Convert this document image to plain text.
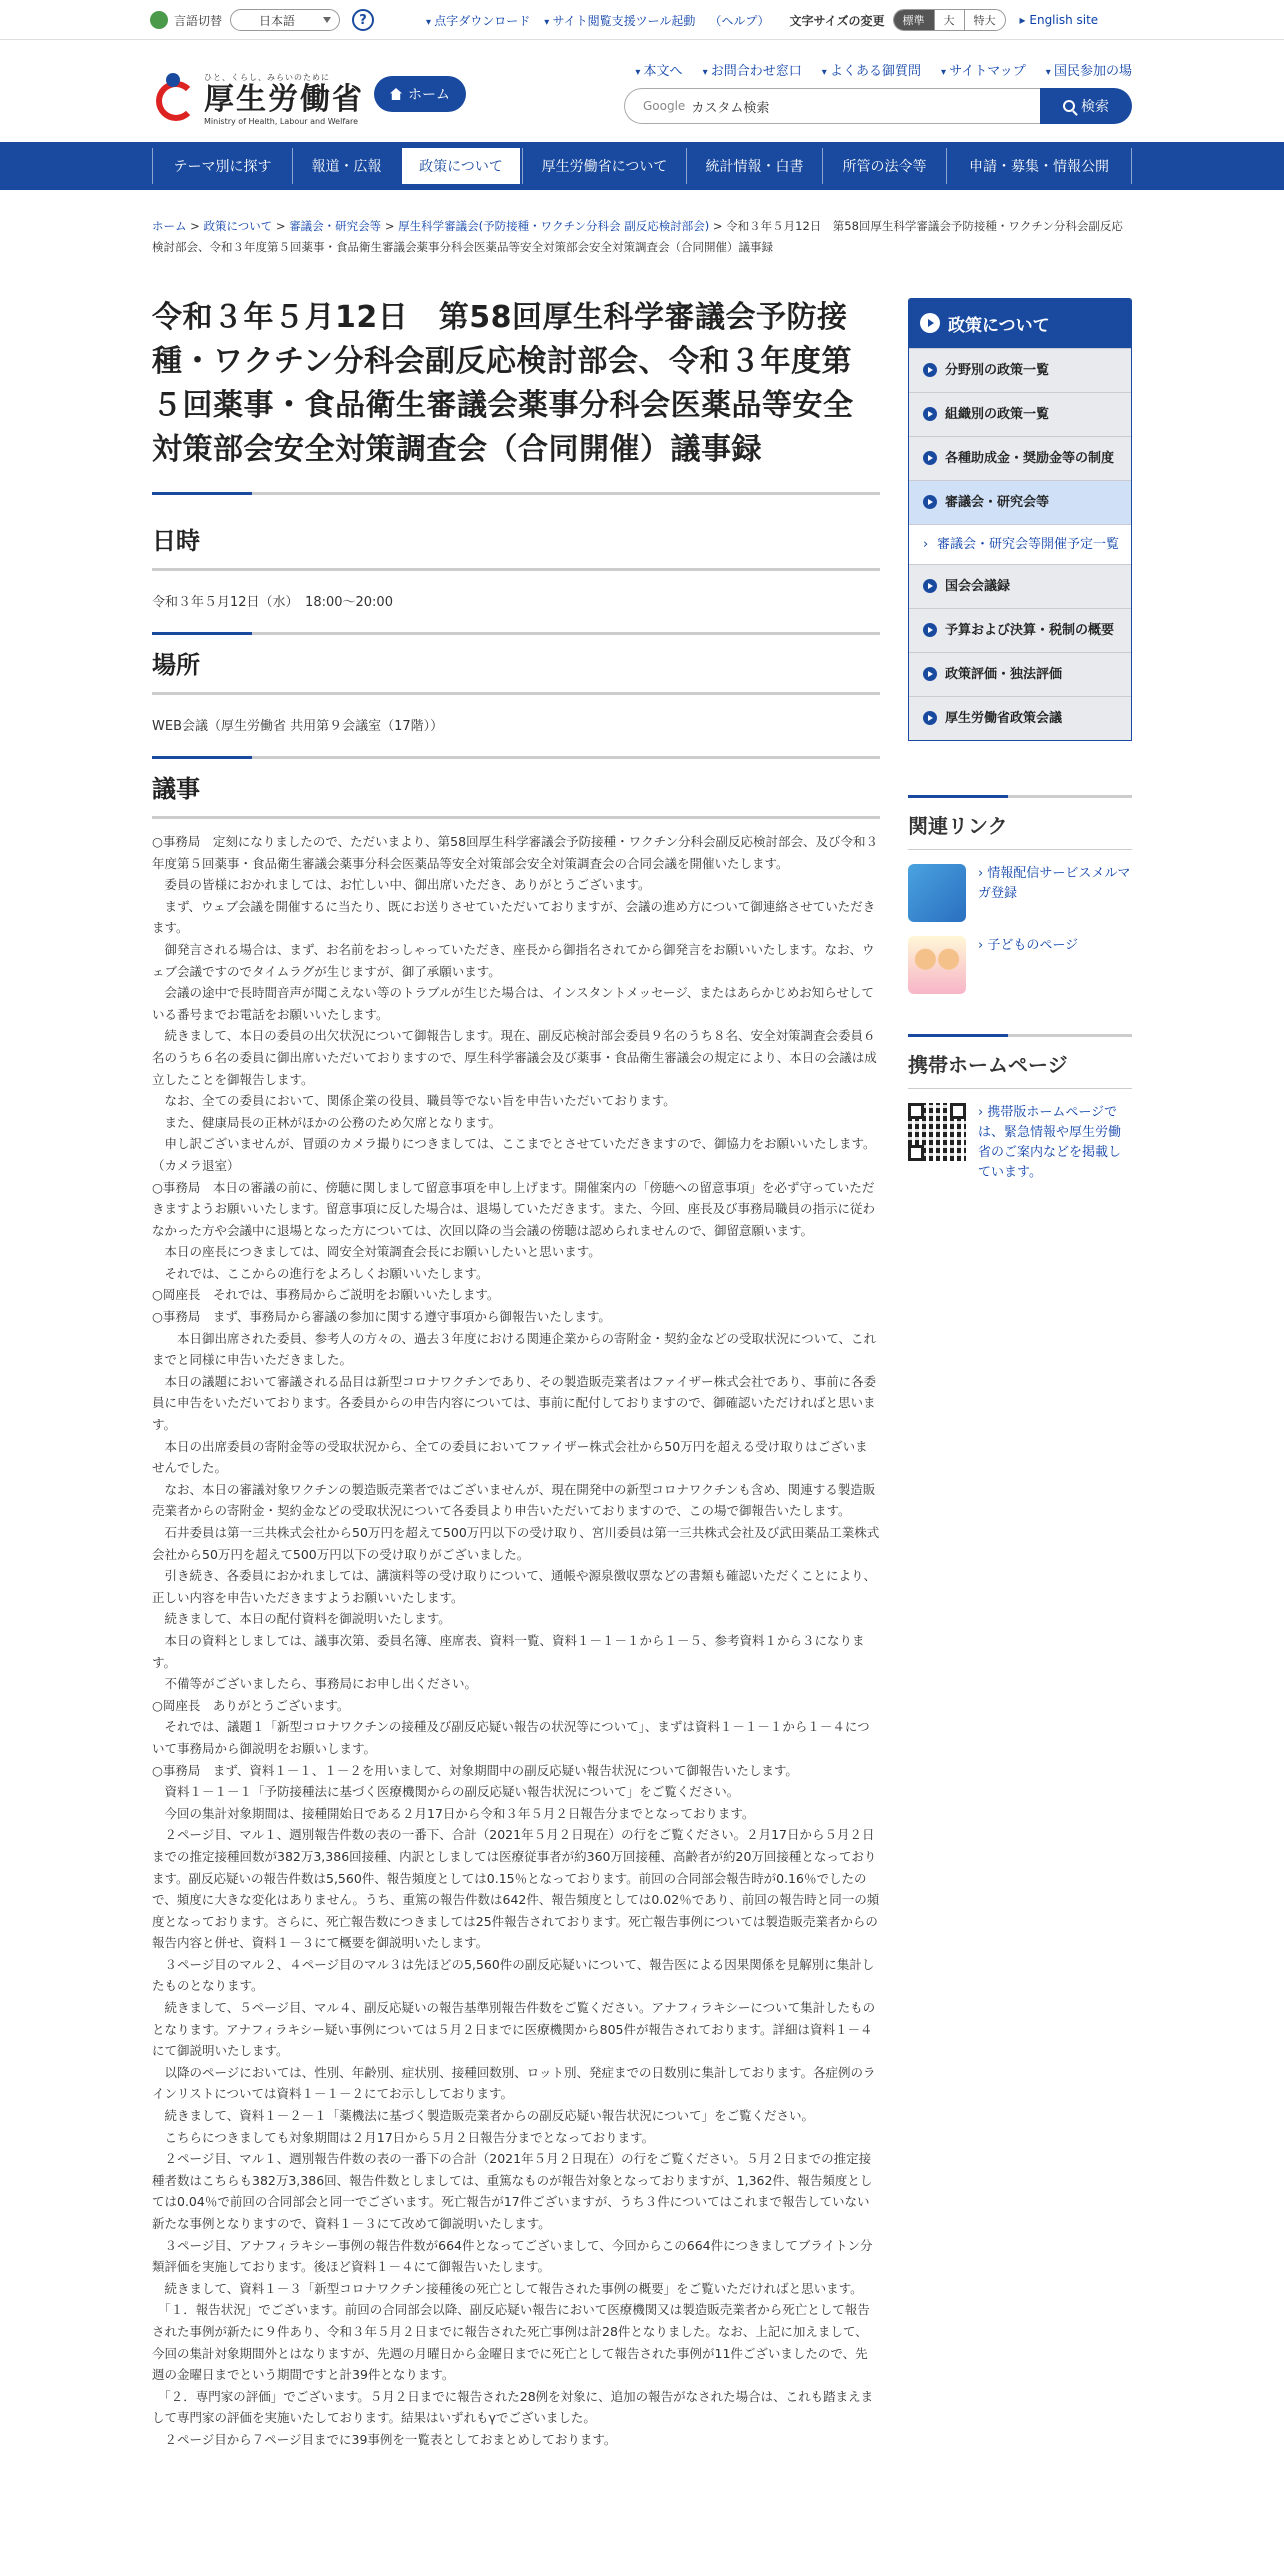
言語切替	日本語	?	▾ 点字ダウンロード	▾ サイト閲覧支援ツール起動 （ヘルプ） 文字サイズの変更	標準	大	特大	▸ English site
ひと、くらし、みらいのために
厚生労働省
Ministry of Health, Labour and Welfare
ホーム
▾ 本文へ	▾ お問合わせ窓口	▾ よくある御質問	▾ サイトマップ	▾ 国民参加の場
Google カスタム検索	検索
テーマ別に探す	報道・広報	政策について	厚生労働省について	統計情報・白書	所管の法令等	申請・募集・情報公開
ホーム > 政策について > 審議会・研究会等 > 厚生科学審議会(予防接種・ワクチン分科会 副反応検討部会) > 令和３年５月12日　第58回厚生科学審議会予防接種・ワクチン分科会副反応検討部会、令和３年度第５回薬事・食品衛生審議会薬事分科会医薬品等安全対策部会安全対策調査会（合同開催）議事録
令和３年５月12日　第58回厚生科学審議会予防接種・ワクチン分科会副反応検討部会、令和３年度第５回薬事・食品衛生審議会薬事分科会医薬品等安全対策部会安全対策調査会（合同開催）議事録
日時
令和３年５月12日（水）　18:00～20:00
場所
WEB会議（厚生労働省 共用第９会議室（17階））
議事

○事務局　定刻になりましたので、ただいまより、第58回厚生科学審議会予防接種・ワクチン分科会副反応検討部会、及び令和３年度第５回薬事・食品衛生審議会薬事分科会医薬品等安全対策部会安全対策調査会の合同会議を開催いたします。

　委員の皆様におかれましては、お忙しい中、御出席いただき、ありがとうございます。

　まず、ウェブ会議を開催するに当たり、既にお送りさせていただいておりますが、会議の進め方について御連絡させていただきます。

　御発言される場合は、まず、お名前をおっしゃっていただき、座長から御指名されてから御発言をお願いいたします。なお、ウェブ会議ですのでタイムラグが生じますが、御了承願います。

　会議の途中で長時間音声が聞こえない等のトラブルが生じた場合は、インスタントメッセージ、またはあらかじめお知らせしている番号までお電話をお願いいたします。

　続きまして、本日の委員の出欠状況について御報告します。現在、副反応検討部会委員９名のうち８名、安全対策調査会委員６名のうち６名の委員に御出席いただいておりますので、厚生科学審議会及び薬事・食品衛生審議会の規定により、本日の会議は成立したことを御報告します。

　なお、全ての委員において、関係企業の役員、職員等でない旨を申告いただいております。

　また、健康局長の正林がほかの公務のため欠席となります。

　申し訳ございませんが、冒頭のカメラ撮りにつきましては、ここまでとさせていただきますので、御協力をお願いいたします。

（カメラ退室）

○事務局　本日の審議の前に、傍聴に関しまして留意事項を申し上げます。開催案内の「傍聴への留意事項」を必ず守っていただきますようお願いいたします。留意事項に反した場合は、退場していただきます。また、今回、座長及び事務局職員の指示に従わなかった方や会議中に退場となった方については、次回以降の当会議の傍聴は認められませんので、御留意願います。

　本日の座長につきましては、岡安全対策調査会長にお願いしたいと思います。

　それでは、ここからの進行をよろしくお願いいたします。

○岡座長　それでは、事務局からご説明をお願いいたします。

○事務局　まず、事務局から審議の参加に関する遵守事項から御報告いたします。

　　本日御出席された委員、参考人の方々の、過去３年度における関連企業からの寄附金・契約金などの受取状況について、これまでと同様に申告いただきました。

　本日の議題において審議される品目は新型コロナワクチンであり、その製造販売業者はファイザー株式会社であり、事前に各委員に申告をいただいております。各委員からの申告内容については、事前に配付しておりますので、御確認いただければと思います。

　本日の出席委員の寄附金等の受取状況から、全ての委員においてファイザー株式会社から50万円を超える受け取りはございませんでした。

　なお、本日の審議対象ワクチンの製造販売業者ではございませんが、現在開発中の新型コロナワクチンも含め、関連する製造販売業者からの寄附金・契約金などの受取状況について各委員より申告いただいておりますので、この場で御報告いたします。

　石井委員は第一三共株式会社から50万円を超えて500万円以下の受け取り、宮川委員は第一三共株式会社及び武田薬品工業株式会社から50万円を超えて500万円以下の受け取りがございました。

　引き続き、各委員におかれましては、講演料等の受け取りについて、通帳や源泉徴収票などの書類も確認いただくことにより、正しい内容を申告いただきますようお願いいたします。

　続きまして、本日の配付資料を御説明いたします。

　本日の資料としましては、議事次第、委員名簿、座席表、資料一覧、資料１－１－１から１－５、参考資料１から３になります。

　不備等がございましたら、事務局にお申し出ください。

○岡座長　ありがとうございます。

　それでは、議題１「新型コロナワクチンの接種及び副反応疑い報告の状況等について」、まずは資料１－１－１から１－４について事務局から御説明をお願いします。

○事務局　まず、資料１－１、１－２を用いまして、対象期間中の副反応疑い報告状況について御報告いたします。

　資料１－１－１「予防接種法に基づく医療機関からの副反応疑い報告状況について」をご覧ください。

　今回の集計対象期間は、接種開始日である２月17日から令和３年５月２日報告分までとなっております。

　２ページ目、マル１、週別報告件数の表の一番下、合計（2021年５月２日現在）の行をご覧ください。２月17日から５月２日までの推定接種回数が382万3,386回接種、内訳としましては医療従事者が約360万回接種、高齢者が約20万回接種となっております。副反応疑いの報告件数は5,560件、報告頻度としては0.15％となっております。前回の合同部会報告時が0.16％でしたので、頻度に大きな変化はありません。うち、重篤の報告件数は642件、報告頻度としては0.02％であり、前回の報告時と同一の頻度となっております。さらに、死亡報告数につきましては25件報告されております。死亡報告事例については製造販売業者からの報告内容と併せ、資料１－３にて概要を御説明いたします。

　３ページ目のマル２、４ページ目のマル３は先ほどの5,560件の副反応疑いについて、報告医による因果関係を見解別に集計したものとなります。

　続きまして、５ページ目、マル４、副反応疑いの報告基準別報告件数をご覧ください。アナフィラキシーについて集計したものとなります。アナフィラキシー疑い事例については５月２日までに医療機関から805件が報告されております。詳細は資料１－４にて御説明いたします。

　以降のページにおいては、性別、年齢別、症状別、接種回数別、ロット別、発症までの日数別に集計しております。各症例のラインリストについては資料１－１－２にてお示ししております。

　続きまして、資料１－２－１「薬機法に基づく製造販売業者からの副反応疑い報告状況について」をご覧ください。

　こちらにつきましても対象期間は２月17日から５月２日報告分までとなっております。

　２ページ目、マル１、週別報告件数の表の一番下の合計（2021年５月２日現在）の行をご覧ください。５月２日までの推定接種者数はこちらも382万3,386回、報告件数としましては、重篤なものが報告対象となっておりますが、1,362件、報告頻度としては0.04％で前回の合同部会と同一でございます。死亡報告が17件ございますが、うち３件についてはこれまで報告していない新たな事例となりますので、資料１－３にて改めて御説明いたします。

　３ページ目、アナフィラキシー事例の報告件数が664件となってございまして、今回からこの664件につきましてブライトン分類評価を実施しております。後ほど資料１－４にて御報告いたします。

　続きまして、資料１－３「新型コロナワクチン接種後の死亡として報告された事例の概要」をご覧いただければと思います。

　「１．報告状況」でございます。前回の合同部会以降、副反応疑い報告において医療機関又は製造販売業者から死亡として報告された事例が新たに９件あり、令和３年５月２日までに報告された死亡事例は計28件となりました。なお、上記に加えまして、今回の集計対象期間外とはなりますが、先週の月曜日から金曜日までに死亡として報告された事例が11件ございましたので、先週の金曜日までという期間ですと計39件となります。

　「２．専門家の評価」でございます。５月２日までに報告された28例を対象に、追加の報告がなされた場合は、これも踏まえまして専門家の評価を実施いたしております。結果はいずれもγでございました。

　２ページ目から７ページ目までに39事例を一覧表としておまとめしております。

政策について
分野別の政策一覧
組織別の政策一覧
各種助成金・奨励金等の制度
審議会・研究会等
› 審議会・研究会等開催予定一覧
国会会議録
予算および決算・税制の概要
政策評価・独法評価
厚生労働省政策会議
関連リンク
› 情報配信サービスメルマガ登録
› 子どものページ
携帯ホームページ
› 携帯版ホームページでは、緊急情報や厚生労働省のご案内などを掲載しています。
